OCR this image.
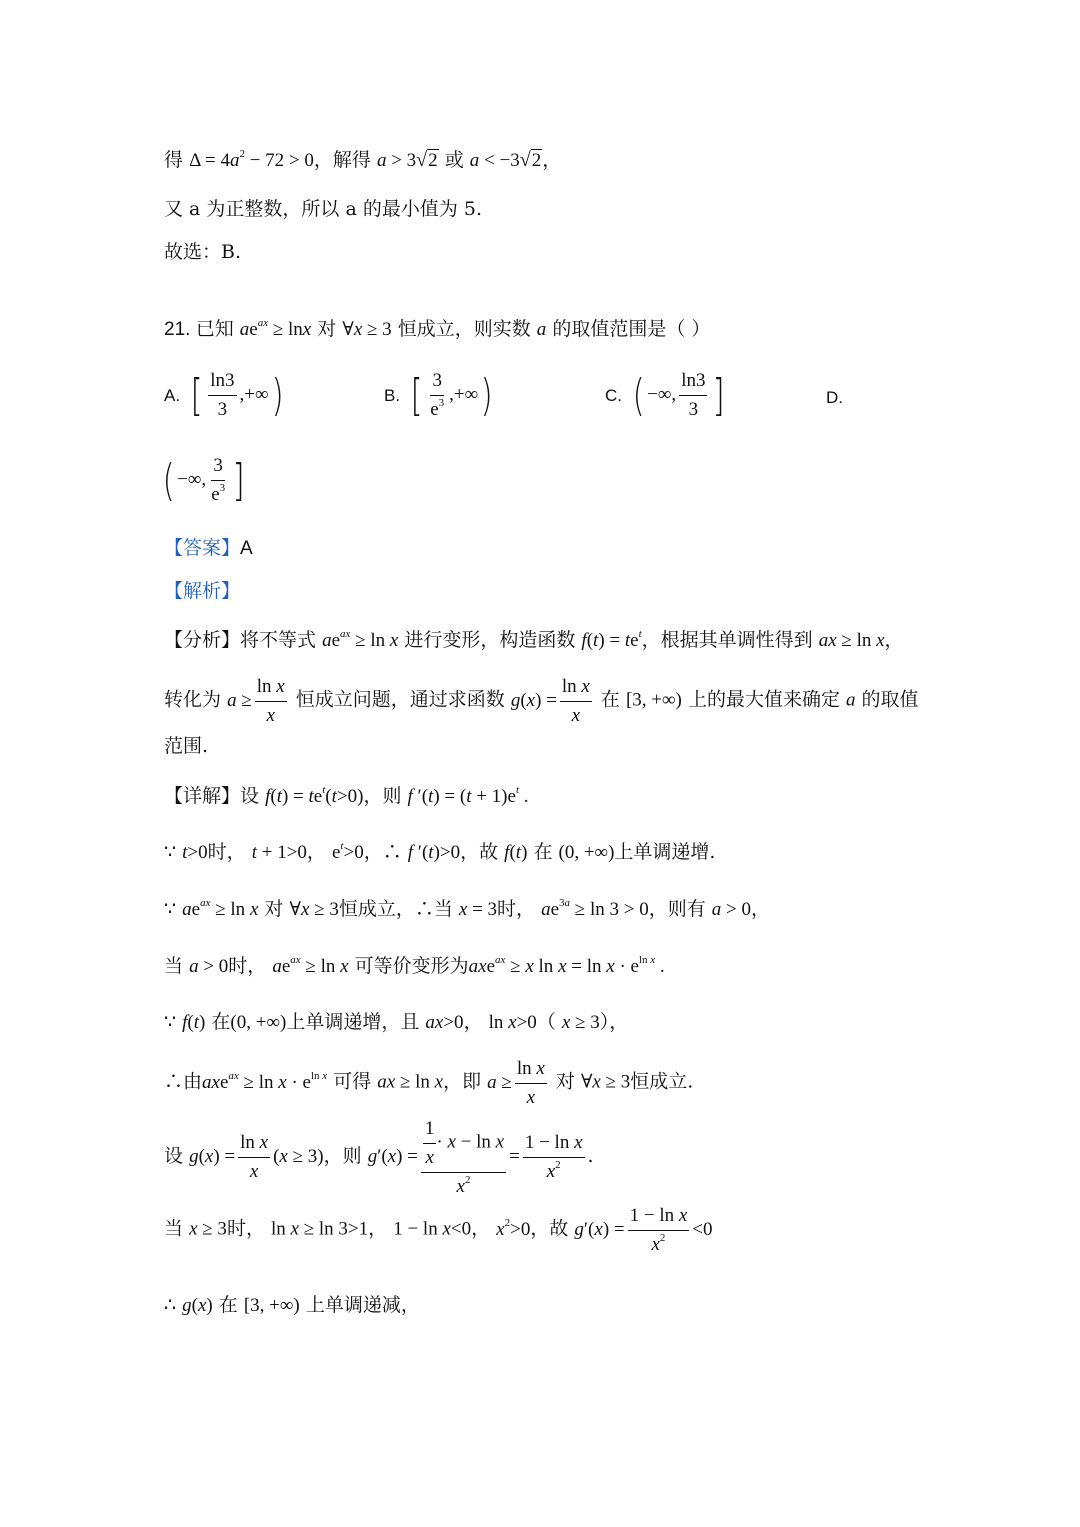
得 $\Delta = 4a^2 - 72 > 0$，解得 a > 3√2 或 a < −3√2，
又 a 为正整数，所以 a 的最小值为 5.
故选：B.
21. 已知 $ae^{ax} \ge \ln x$ 对 ∀x ≥ 3 恒成立，则实数 a 的取值范围是（ ）
A. [ $\frac{\ln 3}{3}$ ,+∞)	B. [ $\frac{3}{e^3}$ ,+∞)	C. ( −∞, $\frac{\ln 3}{3}$ ]	D.
( −∞, $\frac{3}{e^3}$ ]
【答案】A
【解析】
【分析】将不等式 $ae^{ax} \ge \ln x$ 进行变形，构造函数 $f(t) = te^t$，根据其单调性得到 ax ≥ ln x，
转化为 $a \ge \frac{\text{ln x}}{x}$ 恒成立问题，通过求函数 $g(x) = \frac{\text{ln x}}{x}$ 在 [3, +∞) 上的最大值来确定 a 的取值
范围.
【详解】设 $f(t) = te^t(t>0)$，则 f $'(t) = (t + 1)e^t$ .
∵ t>0时， t + 1>0， $e^t>0$，∴ f ′(t)>0，故 f(t) 在 (0, +∞)上单调递增.
∵ $ae^{ax} \ge \ln x$ 对 ∀x ≥ 3恒成立，∴当 x = 3时， $ae^{3a} \ge \ln 3 > 0$，则有 a > 0，
当 a > 0时， $ae^{ax} \ge \ln x$ 可等价变形为axe$^{ax}$ ≥ x $\ln x = \ln x \cdot e^{ln x}$ .
∵ f(t) 在(0, +∞)上单调递增，且 ax>0， ln x>0（ x ≥ 3），
∴由$axe^{ax} \ge \ln x \cdot e^{ln x}$ 可得 ax ≥ ln x，即 $a \ge \frac{\text{ln x}}{x}$ 对 ∀x ≥ 3恒成立.
设 $g(x) = \frac{\text{ln x}}{x} (x \ge 3)$，则 $g'(x) = \frac{\frac{1}{x} \cdot x - \ln x}{x^2} = \frac{\text{1 − ln x}}{x^2}$ .
当 x ≥ 3时， ln x ≥ ln 3>1， 1 − ln x<0， $x^2>0$，故 $g'(x) = \frac{\text{1 − ln x}}{x^2} <0$
∴ g(x) 在 [3, +∞) 上单调递减，
